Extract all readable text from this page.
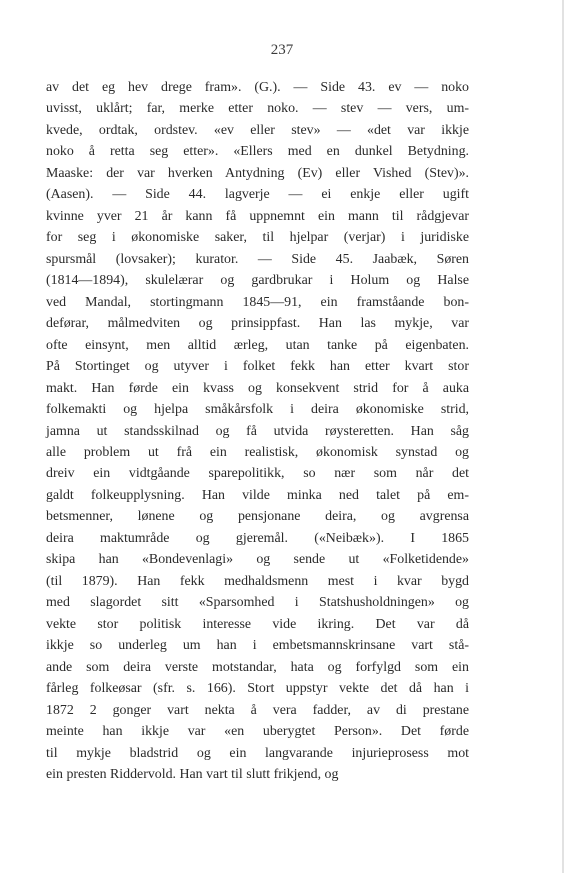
237
av det eg hev drege fram». (G.). — Side 43. ev — noko
uvisst, uklårt; far, merke etter noko. — stev — vers, um-
kvede, ordtak, ordstev. «ev eller stev» — «det var ikkje
noko å retta seg etter». «Ellers med en dunkel Betydning.
Maaske: der var hverken Antydning (Ev) eller Vished (Stev)».
(Aasen). — Side 44. lagverje — ei enkje eller ugift
kvinne yver 21 år kann få uppnemnt ein mann til rådgjevar
for seg i økonomiske saker, til hjelpar (verjar) i juridiske
spursmål (lovsaker); kurator. — Side 45. Jaabæk, Søren
(1814—1894), skulelærar og gardbrukar i Holum og Halse
ved Mandal, stortingmann 1845—91, ein framståande bon-
deførar, målmedviten og prinsippfast. Han las mykje, var
ofte einsynt, men alltid ærleg, utan tanke på eigenbaten.
På Stortinget og utyver i folket fekk han etter kvart stor
makt. Han førde ein kvass og konsekvent strid for å auka
folkemakti og hjelpa småkårsfolk i deira økonomiske strid,
jamna ut standsskilnad og få utvida røysteretten. Han såg
alle problem ut frå ein realistisk, økonomisk synstad og
dreiv ein vidtgåande sparepolitikk, so nær som når det
galdt folkeupplysning. Han vilde minka ned talet på em-
betsmenner, lønene og pensjonane deira, og avgrensa
deira maktumråde og gjeremål. («Neibæk»). I 1865
skipa han «Bondevenlagi» og sende ut «Folketidende»
(til 1879). Han fekk medhaldsmenn mest i kvar bygd
med slagordet sitt «Sparsomhed i Statshusholdningen» og
vekte stor politisk interesse vide ikring. Det var då
ikkje so underleg um han i embetsmannskrinsane vart stå-
ande som deira verste motstandar, hata og forfylgd som ein
fårleg folkeøsar (sfr. s. 166). Stort uppstyr vekte det då han i
1872 2 gonger vart nekta å vera fadder, av di prestane
meinte han ikkje var «en uberygtet Person». Det førde
til mykje bladstrid og ein langvarande injurieprosess mot
ein presten Riddervold. Han vart til slutt frikjend, og
